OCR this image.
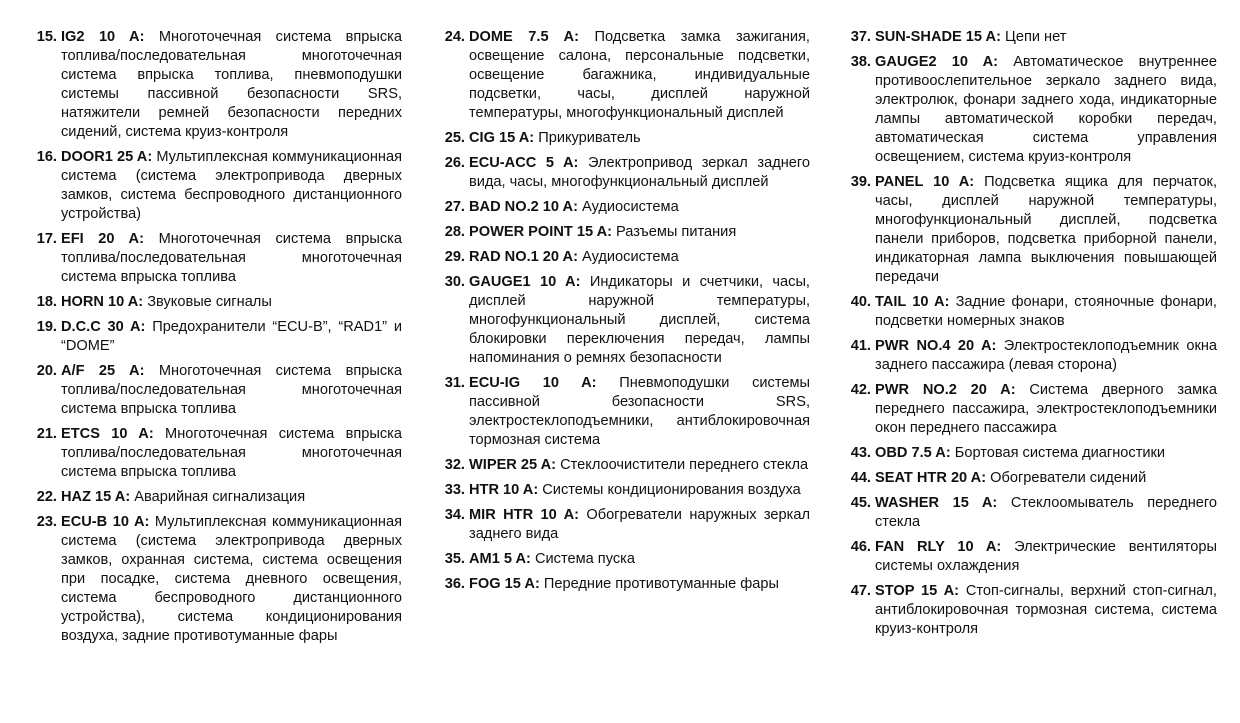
15. IG2 10 A: Многоточечная система впрыска топлива/последовательная многоточечная система впрыска топлива, пневмоподушки системы пассивной безопасности SRS, натяжители ремней безопасности передних сидений, система круиз-контроля
16. DOOR1 25 A: Мультиплексная коммуникационная система (система электропривода дверных замков, система беспроводного дистанционного устройства)
17. EFI 20 A: Многоточечная система впрыска топлива/последовательная многоточечная система впрыска топлива
18. HORN 10 A: Звуковые сигналы
19. D.C.C 30 A: Предохранители “ECU-B”, “RAD1” и “DOME”
20. A/F 25 A: Многоточечная система впрыска топлива/последовательная многоточечная система впрыска топлива
21. ETCS 10 A: Многоточечная система впрыска топлива/последовательная многоточечная система впрыска топлива
22. HAZ 15 A: Аварийная сигнализация
23. ECU-B 10 A: Мультиплексная коммуникационная система (система электропривода дверных замков, охранная система, система освещения при посадке, система дневного освещения, система беспроводного дистанционного устройства), система кондиционирования воздуха, задние противотуманные фары
24. DOME 7.5 A: Подсветка замка зажигания, освещение салона, персональные подсветки, освещение багажника, индивидуальные подсветки, часы, дисплей наружной температуры, многофункциональный дисплей
25. CIG 15 A: Прикуриватель
26. ECU-ACC 5 A: Электропривод зеркал заднего вида, часы, многофункциональный дисплей
27. BAD NO.2 10 A: Аудиосистема
28. POWER POINT 15 A: Разъемы питания
29. RAD NO.1 20 A: Аудиосистема
30. GAUGE1 10 A: Индикаторы и счетчики, часы, дисплей наружной температуры, многофункциональный дисплей, система блокировки переключения передач, лампы напоминания о ремнях безопасности
31. ECU-IG 10 A: Пневмоподушки системы пассивной безопасности SRS, электростеклоподъемники, антиблокировочная тормозная система
32. WIPER 25 A: Стеклоочистители переднего стекла
33. HTR 10 A: Системы кондиционирования воздуха
34. MIR HTR 10 A: Обогреватели наружных зеркал заднего вида
35. AM1 5 A: Система пуска
36. FOG 15 A: Передние противотуманные фары
37. SUN-SHADE 15 A: Цепи нет
38. GAUGE2 10 A: Автоматическое внутреннее противоослепительное зеркало заднего вида, электролюк, фонари заднего хода, индикаторные лампы автоматической коробки передач, автоматическая система управления освещением, система круиз-контроля
39. PANEL 10 A: Подсветка ящика для перчаток, часы, дисплей наружной температуры, многофункциональный дисплей, подсветка панели приборов, подсветка приборной панели, индикаторная лампа выключения повышающей передачи
40. TAIL 10 A: Задние фонари, стояночные фонари, подсветки номерных знаков
41. PWR NO.4 20 A: Электростеклоподъемник окна заднего пассажира (левая сторона)
42. PWR NO.2 20 A: Система дверного замка переднего пассажира, электростеклоподъемники окон переднего пассажира
43. OBD 7.5 A: Бортовая система диагностики
44. SEAT HTR 20 A: Обогреватели сидений
45. WASHER 15 A: Стеклоомыватель переднего стекла
46. FAN RLY 10 A: Электрические вентиляторы системы охлаждения
47. STOP 15 A: Стоп-сигналы, верхний стоп-сигнал, антиблокировочная тормозная система, система круиз-контроля
